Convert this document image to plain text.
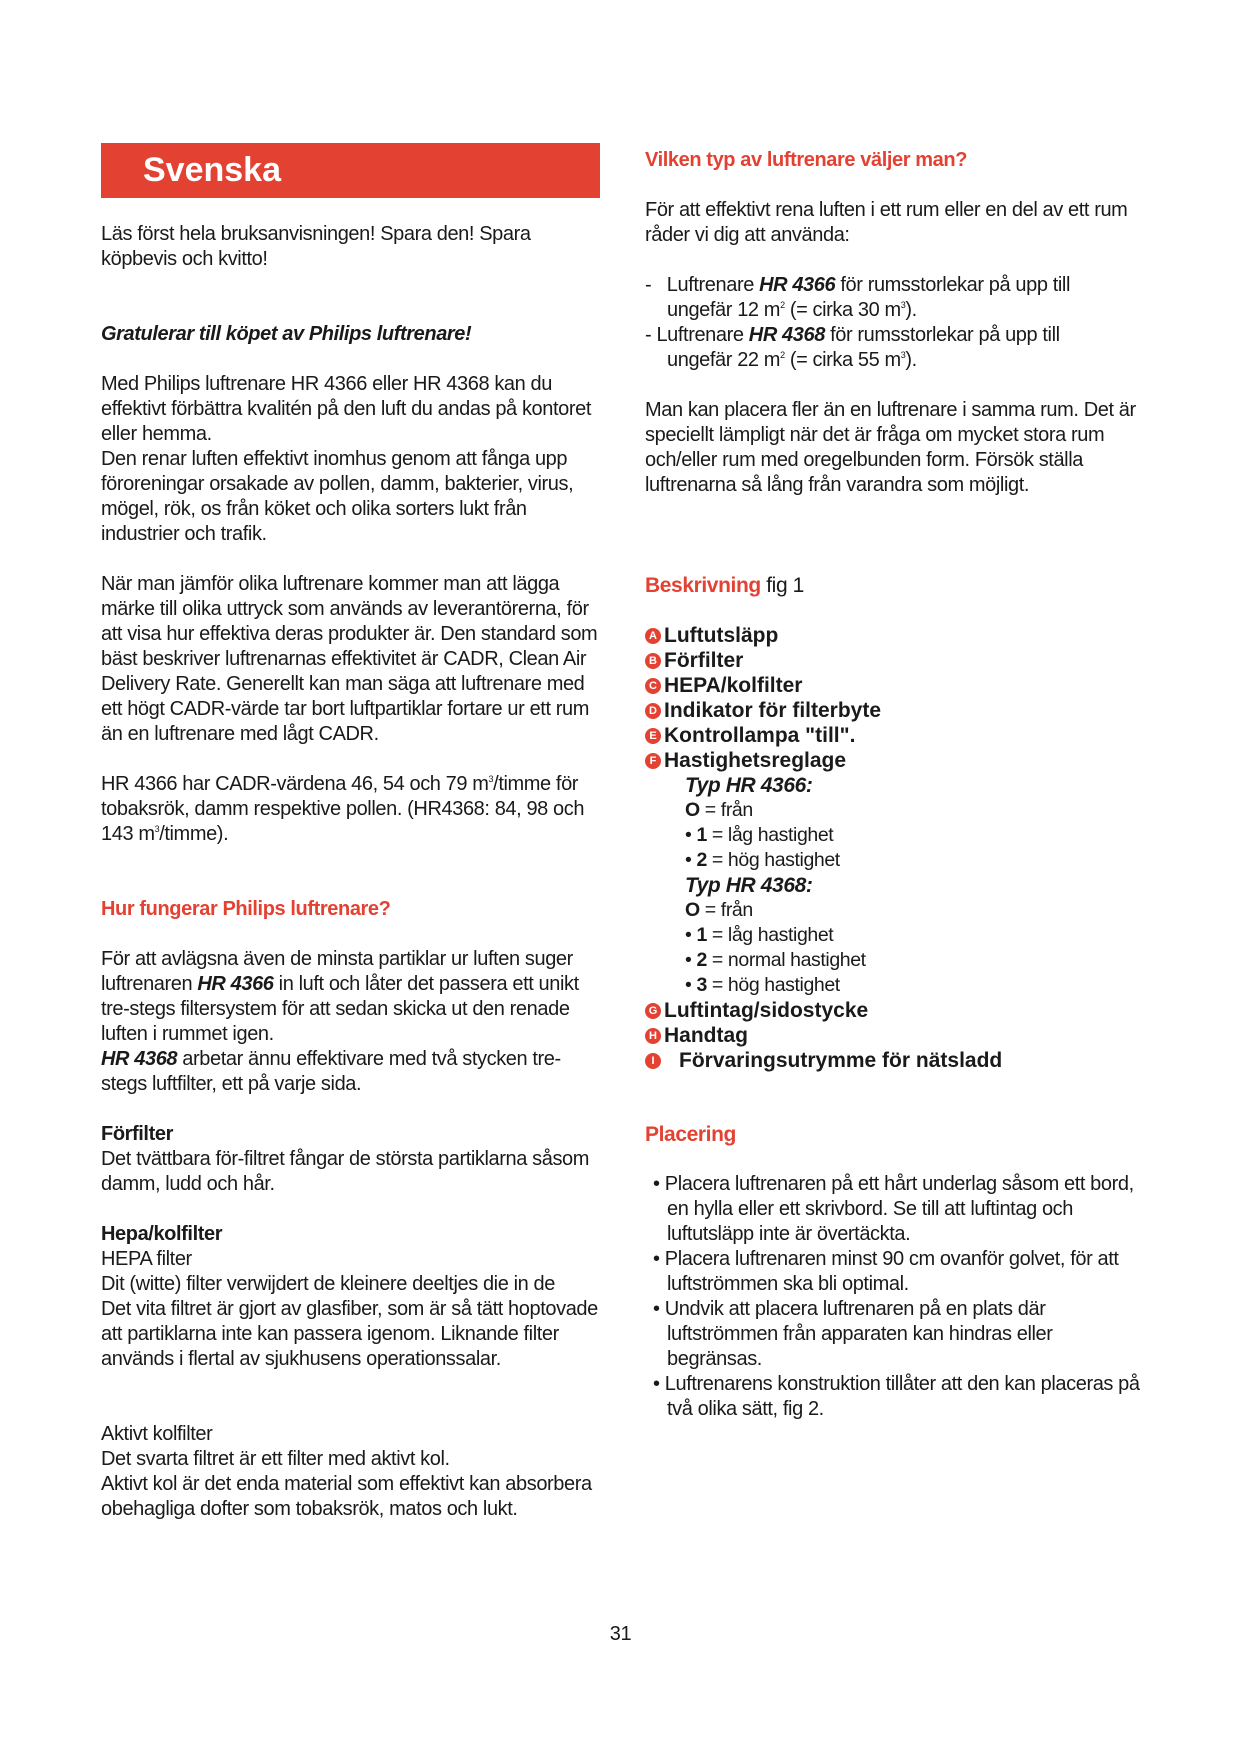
Svenska

Läs först hela bruksanvisningen! Spara den! Spara köpbevis och kvitto!

Gratulerar till köpet av Philips luftrenare!

Med Philips luftrenare HR 4366 eller HR 4368 kan du effektivt förbättra kvalitén på den luft du andas på kontoret eller hemma.

Den renar luften effektivt inomhus genom att fånga upp föroreningar orsakade av pollen, damm, bakterier, virus, mögel, rök, os från köket och olika sorters lukt från industrier och trafik.

När man jämför olika luftrenare kommer man att lägga märke till olika uttryck som används av leverantörerna, för att visa hur effektiva deras produkter är. Den standard som bäst beskriver luftrenarnas effektivitet är CADR, Clean Air Delivery Rate. Generellt kan man säga att luftrenare med ett högt CADR-värde tar bort luftpartiklar fortare ur ett rum än en luftrenare med lågt CADR.

HR 4366 har CADR-värdena 46, 54 och 79 $m^3$/timme för tobaksrök, damm respektive pollen. (HR4368: 84, 98 och 143 $m^3/timme$).

Hur fungerar Philips luftrenare?

För att avlägsna även de minsta partiklar ur luften suger luftrenaren HR 4366 in luft och låter det passera ett unikt tre-stegs filtersystem för att sedan skicka ut den renade luften i rummet igen.

HR 4368 arbetar ännu effektivare med två stycken tre-stegs luftfilter, ett på varje sida.

Förfilter

Det tvättbara för-filtret fångar de största partiklarna såsom damm, ludd och hår.

Hepa/kolfilter

HEPA filter

Dit (witte) filter verwijdert de kleinere deeltjes die in de

Det vita filtret är gjort av glasfiber, som är så tätt hoptovade att partiklarna inte kan passera igenom. Liknande filter används i flertal av sjukhusens operationssalar.

Aktivt kolfilter

Det svarta filtret är ett filter med aktivt kol.

Aktivt kol är det enda material som effektivt kan absorbera obehagliga dofter som tobaksrök, matos och lukt.

Vilken typ av luftrenare väljer man?

För att effektivt rena luften i ett rum eller en del av ett rum råder vi dig att använda:

- Luftrenare HR 4366 för rumsstorlekar på upp till
ungefär 12 $m^2$ (= cirka 30 $m^3$).
- Luftrenare HR 4368 för rumsstorlekar på upp till
ungefär 22 $m^2$ (= cirka 55 $m^3$).

Man kan placera fler än en luftrenare i samma rum. Det är speciellt lämpligt när det är fråga om mycket stora rum och/eller rum med oregelbunden form. Försök ställa luftrenarna så lång från varandra som möjligt.

Beskrivning fig 1

A Luftutsläpp
B Förfilter
C HEPA/kolfilter
D Indikator för filterbyte
E Kontrollampa "till".
F Hastighetsreglage
Typ HR 4366:
O = från
• 1 = låg hastighet
• 2 = hög hastighet
Typ HR 4368:
O = från
• 1 = låg hastighet
• 2 = normal hastighet
• 3 = hög hastighet
G Luftintag/sidostycke
H Handtag
I	Förvaringsutrymme för nätsladd

Placering

• Placera luftrenaren på ett hårt underlag såsom ett bord, en hylla eller ett skrivbord. Se till att luftintag och luftutsläpp inte är övertäckta.
• Placera luftrenaren minst 90 cm ovanför golvet, för att luftströmmen ska bli optimal.
• Undvik att placera luftrenaren på en plats där luftströmmen från apparaten kan hindras eller begränsas.
• Luftrenarens konstruktion tillåter att den kan placeras på två olika sätt, fig 2.
31
